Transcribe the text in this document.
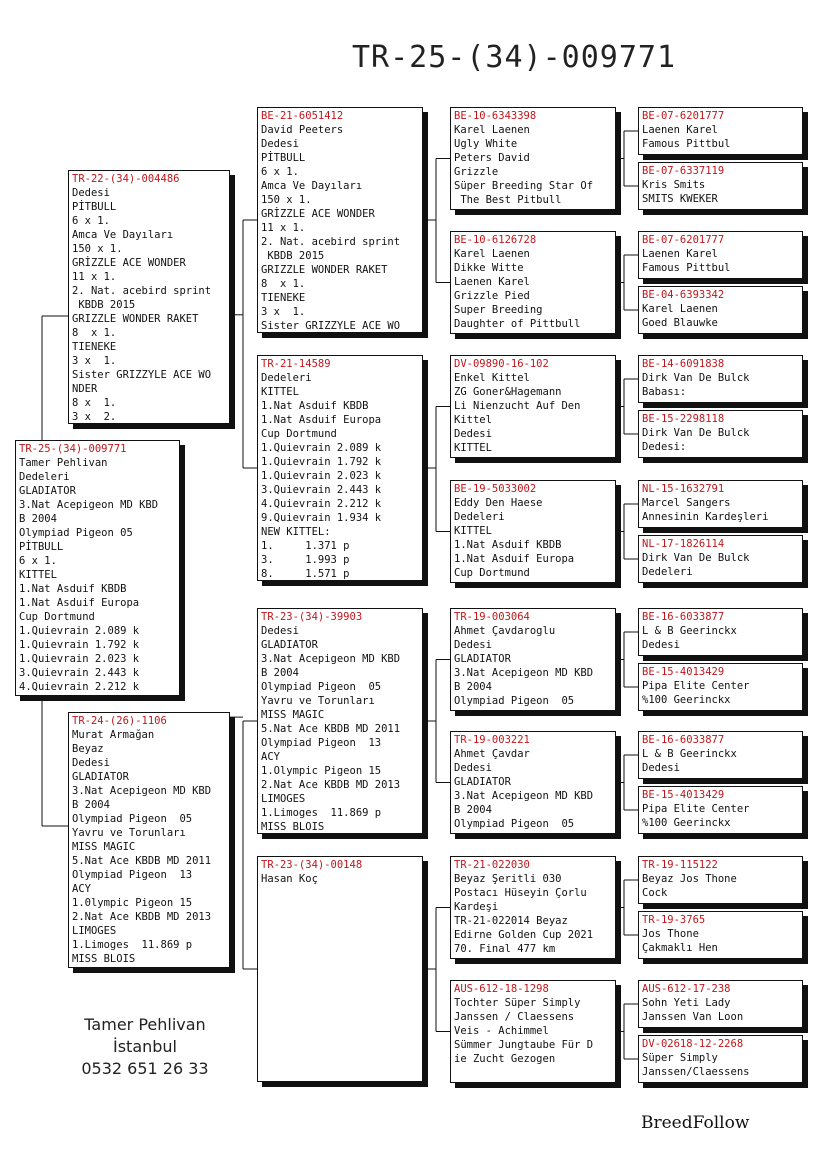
TR-25-(34)-009771
TR-25-(34)-009771
Tamer Pehlivan
Dedeleri
GLADIATOR
3.Nat Acepigeon MD KBD
B 2004
Olympiad Pigeon 05
PİTBULL
6 x 1.
KITTEL
1.Nat Asduif KBDB
1.Nat Asduif Europa
Cup Dortmund
1.Quievrain 2.089 k
1.Quievrain 1.792 k
1.Quievrain 2.023 k
3.Quievrain 2.443 k
4.Quievrain 2.212 k
TR-22-(34)-004486
Dedesi
PİTBULL
6 x 1.
Amca Ve Dayıları
150 x 1.
GRİZZLE ACE WONDER
11 x 1.
2. Nat. acebird sprint
KBDB 2015
GRIZZLE WONDER RAKET
8  x 1.
TIENEKE
3 x  1.
Sister GRIZZYLE ACE WO
NDER
8 x  1.
3 x  2.
TR-24-(26)-1106
Murat Armağan
Beyaz
Dedesi
GLADIATOR
3.Nat Acepigeon MD KBD
B 2004
Olympiad Pigeon  05
Yavru ve Torunları
MISS MAGIC
5.Nat Ace KBDB MD 2011
Olympiad Pigeon  13
ACY
1.0lympic Pigeon 15
2.Nat Ace KBDB MD 2013
LIMOGES
1.Limoges  11.869 p
MISS BLOIS
BE-21-6051412
David Peeters
Dedesi
PİTBULL
6 x 1.
Amca Ve Dayıları
150 x 1.
GRİZZLE ACE WONDER
11 x 1.
2. Nat. acebird sprint
KBDB 2015
GRIZZLE WONDER RAKET
8  x 1.
TIENEKE
3 x  1.
Sister GRIZZYLE ACE WO
TR-21-14589
Dedeleri
KITTEL
1.Nat Asduif KBDB
1.Nat Asduif Europa
Cup Dortmund
1.Quievrain 2.089 k
1.Quievrain 1.792 k
1.Quievrain 2.023 k
3.Quievrain 2.443 k
4.Quievrain 2.212 k
9.Quievrain 1.934 k
NEW KITTEL:
1.     1.371 p
3.     1.993 p
8.     1.571 p
TR-23-(34)-39903
Dedesi
GLADIATOR
3.Nat Acepigeon MD KBD
B 2004
Olympiad Pigeon  05
Yavru ve Torunları
MISS MAGIC
5.Nat Ace KBDB MD 2011
Olympiad Pigeon  13
ACY
1.Olympic Pigeon 15
2.Nat Ace KBDB MD 2013
LIMOGES
1.Limoges  11.869 p
MISS BLOIS
TR-23-(34)-00148
Hasan Koç
BE-10-6343398
Karel Laenen
Ugly White
Peters David
Grizzle
Süper Breeding Star Of
The Best Pitbull
BE-10-6126728
Karel Laenen
Dikke Witte
Laenen Karel
Grizzle Pied
Super Breeding
Daughter of Pittbull
DV-09890-16-102
Enkel Kittel
ZG Goner&Hagemann
Li Nienzucht Auf Den
Kittel
Dedesi
KITTEL
BE-19-5033002
Eddy Den Haese
Dedeleri
KITTEL
1.Nat Asduif KBDB
1.Nat Asduif Europa
Cup Dortmund
TR-19-003064
Ahmet Çavdaroglu
Dedesi
GLADIATOR
3.Nat Acepigeon MD KBD
B 2004
Olympiad Pigeon  05
TR-19-003221
Ahmet Çavdar
Dedesi
GLADIATOR
3.Nat Acepigeon MD KBD
B 2004
Olympiad Pigeon  05
TR-21-022030
Beyaz Şeritli 030
Postacı Hüseyin Çorlu
Kardeşi
TR-21-022014 Beyaz
Edirne Golden Cup 2021
70. Final 477 km
AUS-612-18-1298
Tochter Süper Simply
Janssen / Claessens
Veis - Achimmel
Sümmer Jungtaube Für D
ie Zucht Gezogen
BE-07-6201777
Laenen Karel
Famous Pittbul
BE-07-6337119
Kris Smits
SMITS KWEKER
BE-07-6201777
Laenen Karel
Famous Pittbul
BE-04-6393342
Karel Laenen
Goed Blauwke
BE-14-6091838
Dirk Van De Bulck
Babası:
BE-15-2298118
Dirk Van De Bulck
Dedesi:
NL-15-1632791
Marcel Sangers
Annesinin Kardeşleri
NL-17-1826114
Dirk Van De Bulck
Dedeleri
BE-16-6033877
L & B Geerinckx
Dedesi
BE-15-4013429
Pipa Elite Center
%100 Geerinckx
BE-16-6033877
L & B Geerinckx
Dedesi
BE-15-4013429
Pipa Elite Center
%100 Geerinckx
TR-19-115122
Beyaz Jos Thone
Cock
TR-19-3765
Jos Thone
Çakmaklı Hen
AUS-612-17-238
Sohn Yeti Lady
Janssen Van Loon
DV-02618-12-2268
Süper Simply
Janssen/Claessens
Tamer Pehlivan
İstanbul
0532 651 26 33
BreedFollow
